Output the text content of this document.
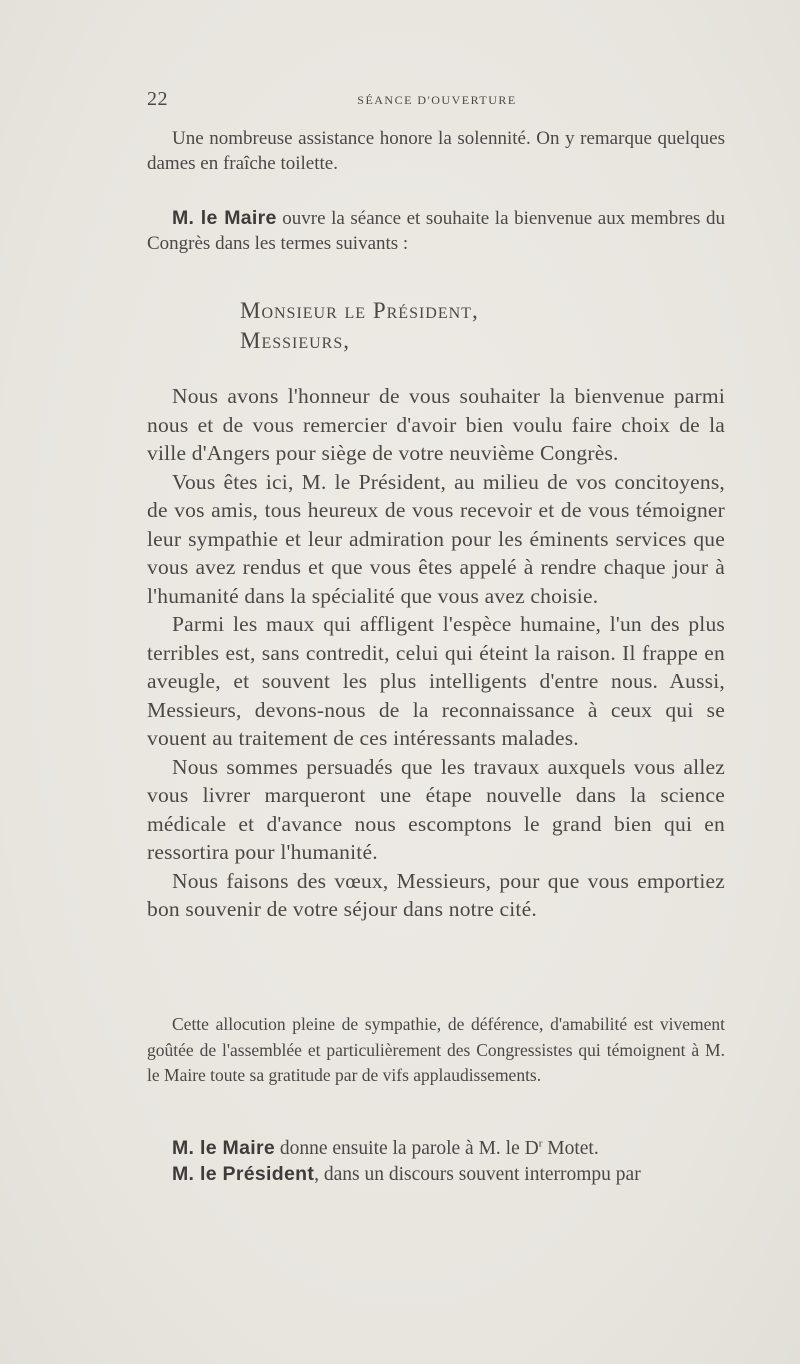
22	SÉANCE D'OUVERTURE

Une nombreuse assistance honore la solennité. On y remarque quelques dames en fraîche toilette.

M. le Maire ouvre la séance et souhaite la bienvenue aux membres du Congrès dans les termes suivants :

Monsieur le Président,
Messieurs,

Nous avons l'honneur de vous souhaiter la bienvenue parmi nous et de vous remercier d'avoir bien voulu faire choix de la ville d'Angers pour siège de votre neuvième Congrès.

Vous êtes ici, M. le Président, au milieu de vos concitoyens, de vos amis, tous heureux de vous recevoir et de vous témoigner leur sympathie et leur admiration pour les éminents services que vous avez rendus et que vous êtes appelé à rendre chaque jour à l'humanité dans la spécialité que vous avez choisie.

Parmi les maux qui affligent l'espèce humaine, l'un des plus terribles est, sans contredit, celui qui éteint la raison. Il frappe en aveugle, et souvent les plus intelligents d'entre nous. Aussi, Messieurs, devons-nous de la reconnaissance à ceux qui se vouent au traitement de ces intéressants malades.

Nous sommes persuadés que les travaux auxquels vous allez vous livrer marqueront une étape nouvelle dans la science médicale et d'avance nous escomptons le grand bien qui en ressortira pour l'humanité.

Nous faisons des vœux, Messieurs, pour que vous emportiez bon souvenir de votre séjour dans notre cité.

Cette allocution pleine de sympathie, de déférence, d'amabilité est vivement goûtée de l'assemblée et particulièrement des Congressistes qui témoignent à M. le Maire toute sa gratitude par de vifs applaudissements.

M. le Maire donne ensuite la parole à M. le $D^r$ Motet.

M. le Président, dans un discours souvent interrompu par
